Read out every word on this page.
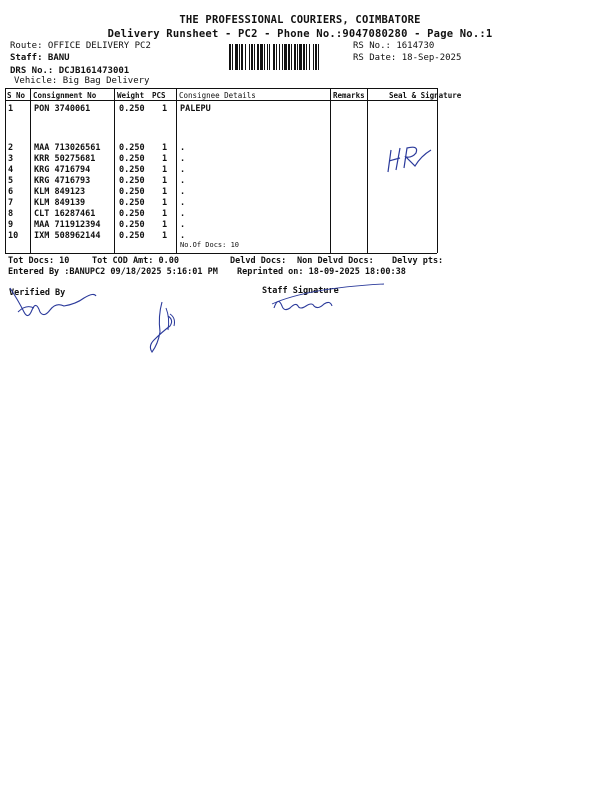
THE PROFESSIONAL COURIERS, COIMBATORE
Delivery Runsheet - PC2 - Phone No.:9047080280 - Page No.:1
Route: OFFICE DELIVERY PC2
Staff: BANU
DRS No.: DCJB161473001
Vehicle: Big Bag Delivery
RS No.: 1614730
RS Date: 18-Sep-2025
S No Consignment No	Weight PCS Consignee Details	Remarks	Seal & Signature
1 PON 3740061	0.250 1 PALEPU
2 MAA 713026561 0.250 1 .
3 KRR 50275681	0.250 1 .
4 KRG 4716794	0.250 1 .
5 KRG 4716793	0.250 1 .
6 KLM 849123	0.250 1 .
7 KLM 849139	0.250 1 .
8 CLT 16287461	0.250 1 .
9 MAA 711912394 0.250 1 .
10 IXM 508962144 0.250 1 .
No.Of Docs: 10
Tot Docs: 10	Tot COD Amt: 0.00	Delvd Docs: Non Delvd Docs: Delvy pts:
Entered By :BANUPC2 09/18/2025 5:16:01 PM Reprinted on: 18-09-2025 18:00:38
Verified By	Staff Signature
